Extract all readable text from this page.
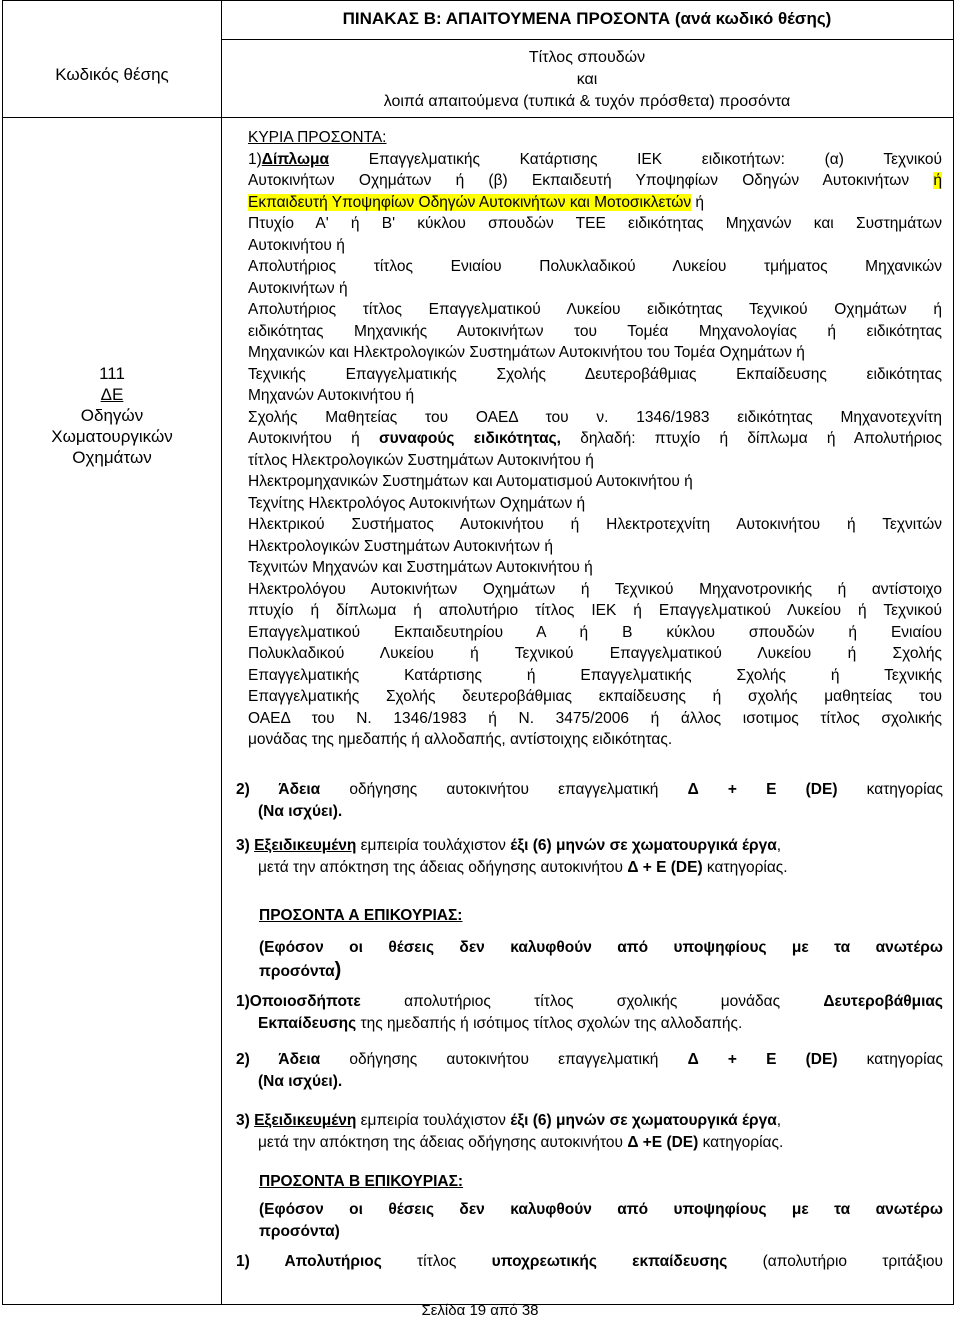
ΠΙΝΑΚΑΣ Β: ΑΠΑΙΤΟΥΜΕΝΑ ΠΡΟΣΟΝΤΑ (ανά κωδικό θέσης)
Κωδικός θέσης
Τίτλος σπουδών
και
λοιπά απαιτούμενα (τυπικά & τυχόν πρόσθετα) προσόντα
111
ΔΕ
Οδηγών
Χωματουργικών
Οχημάτων

ΚΥΡΙΑ ΠΡΟΣΟΝΤΑ:

1)Δίπλωμα Επαγγελματικής Κατάρτισης ΙΕΚ ειδικοτήτων: (α) Τεχνικού

Αυτοκινήτων Οχημάτων ή (β) Εκπαιδευτή Υποψηφίων Οδηγών Αυτοκινήτων ή

Εκπαιδευτή Υποψηφίων Οδηγών Αυτοκινήτων και Μοτοσικλετών ή

Πτυχίο Α' ή Β' κύκλου σπουδών ΤΕΕ ειδικότητας Μηχανών και Συστημάτων

Αυτοκινήτου ή

Απολυτήριος τίτλος Ενιαίου Πολυκλαδικού Λυκείου τμήματος Μηχανικών

Αυτοκινήτων ή

Απολυτήριος τίτλος Επαγγελματικού Λυκείου ειδικότητας Τεχνικού Οχημάτων ή

ειδικότητας Μηχανικής Αυτοκινήτων του Τομέα Μηχανολογίας ή ειδικότητας

Μηχανικών και Ηλεκτρολογικών Συστημάτων Αυτοκινήτου του Τομέα Οχημάτων ή

Τεχνικής Επαγγελματικής Σχολής Δευτεροβάθμιας Εκπαίδευσης ειδικότητας

Μηχανών Αυτοκινήτου ή

Σχολής Μαθητείας του ΟΑΕΔ του ν. 1346/1983 ειδικότητας Μηχανοτεχνίτη

Αυτοκινήτου ή συναφούς ειδικότητας, δηλαδή: πτυχίο ή δίπλωμα ή Απολυτήριος

τίτλος Ηλεκτρολογικών Συστημάτων Αυτοκινήτου ή

Ηλεκτρομηχανικών Συστημάτων και Αυτοματισμού Αυτοκινήτου ή

Τεχνίτης Ηλεκτρολόγος Αυτοκινήτων Οχημάτων ή

Ηλεκτρικού Συστήματος Αυτοκινήτου ή Ηλεκτροτεχνίτη Αυτοκινήτου ή Τεχνιτών

Ηλεκτρολογικών Συστημάτων Αυτοκινήτων ή

Τεχνιτών Μηχανών και Συστημάτων Αυτοκινήτου ή

Ηλεκτρολόγου Αυτοκινήτων Οχημάτων ή Τεχνικού Μηχανοτρονικής ή αντίστοιχο

πτυχίο ή δίπλωμα ή απολυτήριο τίτλος ΙΕΚ ή Επαγγελματικού Λυκείου ή Τεχνικού

Επαγγελματικού Εκπαιδευτηρίου Α ή Β κύκλου σπουδών ή Ενιαίου

Πολυκλαδικού Λυκείου ή Τεχνικού Επαγγελματικού Λυκείου ή Σχολής

Επαγγελματικής Κατάρτισης ή Επαγγελματικής Σχολής ή Τεχνικής

Επαγγελματικής Σχολής δευτεροβάθμιας εκπαίδευσης ή σχολής μαθητείας του

ΟΑΕΔ του Ν. 1346/1983 ή Ν. 3475/2006 ή άλλος ισοτιμος τίτλος σχολικής

μονάδας της ημεδαπής ή αλλοδαπής, αντίστοιχης ειδικότητας.

2) Άδεια οδήγησης αυτοκινήτου επαγγελματική Δ + Ε (DE) κατηγορίας

(Να ισχύει).

3) Εξειδικευμένη εμπειρία τουλάχιστον έξι (6) μηνών σε χωματουργικά έργα,

μετά την απόκτηση της άδειας οδήγησης αυτοκινήτου Δ + Ε (DE) κατηγορίας.

ΠΡΟΣΟΝΤΑ Α ΕΠΙΚΟΥΡΙΑΣ:

(Εφόσον οι θέσεις δεν καλυφθούν από υποψηφίους με τα ανωτέρω

προσόντα)

1)Οποιοσδήποτε απολυτήριος τίτλος σχολικής μονάδας Δευτεροβάθμιας

Εκπαίδευσης της ημεδαπής ή ισότιμος τίτλος σχολών της αλλοδαπής.

2) Άδεια οδήγησης αυτοκινήτου επαγγελματική Δ + Ε (DE) κατηγορίας

(Να ισχύει).

3) Εξειδικευμένη εμπειρία τουλάχιστον έξι (6) μηνών σε χωματουργικά έργα,

μετά την απόκτηση της άδειας οδήγησης αυτοκινήτου Δ +Ε (DE) κατηγορίας.

ΠΡΟΣΟΝΤΑ Β ΕΠΙΚΟΥΡΙΑΣ:

(Εφόσον οι θέσεις δεν καλυφθούν από υποψηφίους με τα ανωτέρω

προσόντα)

1) Απολυτήριος τίτλος υποχρεωτικής εκπαίδευσης (απολυτήριο τριτάξιου

Σελίδα 19 από 38
